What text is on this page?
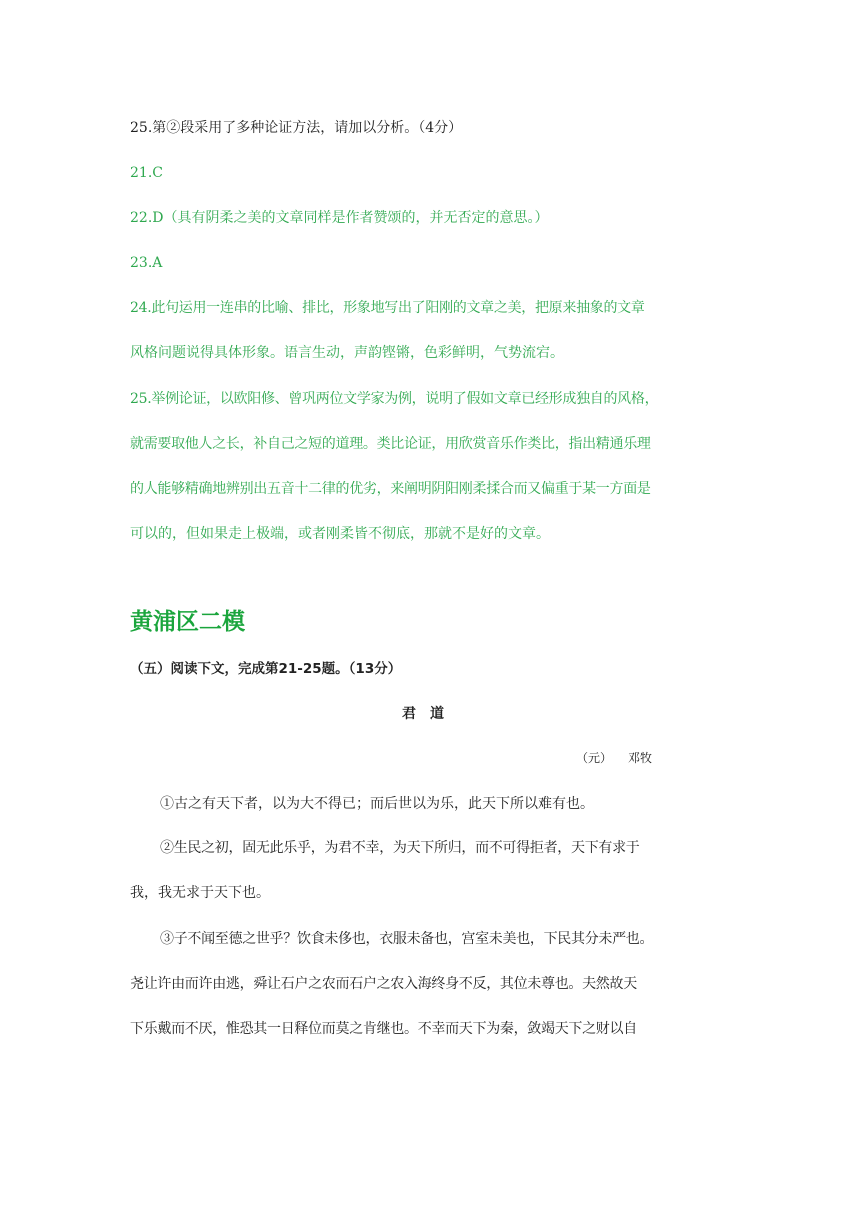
25.第②段采用了多种论证方法，请加以分析。（4分）
21.C
22.D（具有阴柔之美的文章同样是作者赞颂的，并无否定的意思。）
23.A
24.此句运用一连串的比喻、排比，形象地写出了阳刚的文章之美，把原来抽象的文章
风格问题说得具体形象。语言生动，声韵铿锵，色彩鲜明，气势流宕。
25.举例论证，以欧阳修、曾巩两位文学家为例，说明了假如文章已经形成独自的风格，
就需要取他人之长，补自己之短的道理。类比论证，用欣赏音乐作类比，指出精通乐理
的人能够精确地辨别出五音十二律的优劣，来阐明阴阳刚柔揉合而又偏重于某一方面是
可以的，但如果走上极端，或者刚柔皆不彻底，那就不是好的文章。
黄浦区二模
（五）阅读下文，完成第21-25题。（13分）
君道
（元） 邓牧
①古之有天下者，以为大不得已；而后世以为乐，此天下所以难有也。
②生民之初，固无此乐乎，为君不幸，为天下所归，而不可得拒者，天下有求于
我，我无求于天下也。
③子不闻至德之世乎？饮食未侈也，衣服未备也，宫室未美也，下民其分未严也。
尧让许由而许由逃，舜让石户之农而石户之农入海终身不反，其位未尊也。夫然故天
下乐戴而不厌，惟恐其一日释位而莫之肯继也。不幸而天下为秦，敛竭天下之财以自
